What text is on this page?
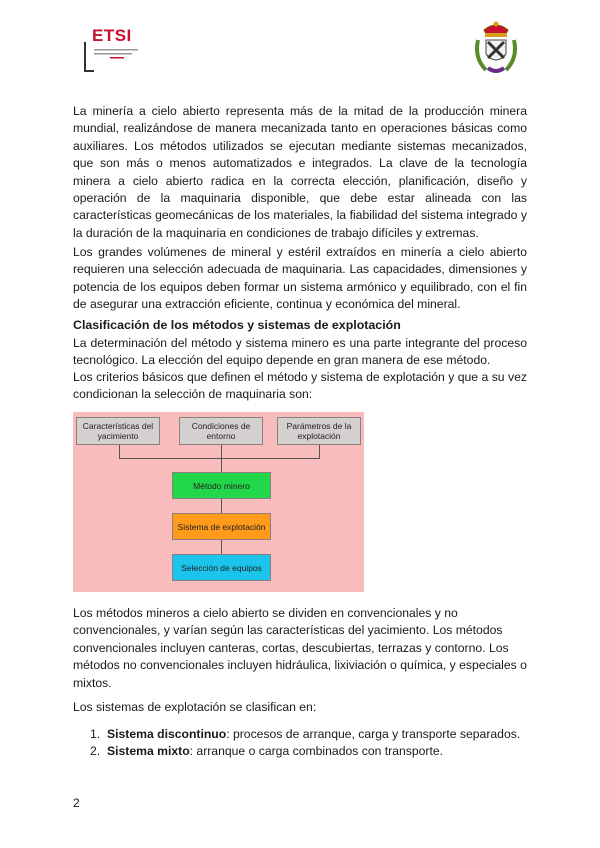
ETSI

La minería a cielo abierto representa más de la mitad de la producción minera mundial, realizándose de manera mecanizada tanto en operaciones básicas como auxiliares. Los métodos utilizados se ejecutan mediante sistemas mecanizados, que son más o menos automatizados e integrados. La clave de la tecnología minera a cielo abierto radica en la correcta elección, planificación, diseño y operación de la maquinaria disponible, que debe estar alineada con las características geomecánicas de los materiales, la fiabilidad del sistema integrado y la duración de la maquinaria en condiciones de trabajo difíciles y extremas.

Los grandes volúmenes de mineral y estéril extraídos en minería a cielo abierto requieren una selección adecuada de maquinaria. Las capacidades, dimensiones y potencia de los equipos deben formar un sistema armónico y equilibrado, con el fin de asegurar una extracción eficiente, continua y económica del mineral.

Clasificación de los métodos y sistemas de explotación

La determinación del método y sistema minero es una parte integrante del proceso tecnológico. La elección del equipo depende en gran manera de ese método.

Los criterios básicos que definen el método y sistema de explotación y que a su vez condicionan la selección de maquinaria son:

Características del yacimiento
Condiciones de entorno
Parámetros de la explotación
Método minero
Sistema de explotación
Selección de equipos

Los métodos mineros a cielo abierto se dividen en convencionales y no convencionales, y varían según las características del yacimiento. Los métodos convencionales incluyen canteras, cortas, descubiertas, terrazas y contorno. Los métodos no convencionales incluyen hidráulica, lixiviación o química, y especiales o mixtos.

Los sistemas de explotación se clasifican en:

1. Sistema discontinuo: procesos de arranque, carga y transporte separados.
2. Sistema mixto: arranque o carga combinados con transporte.
2
